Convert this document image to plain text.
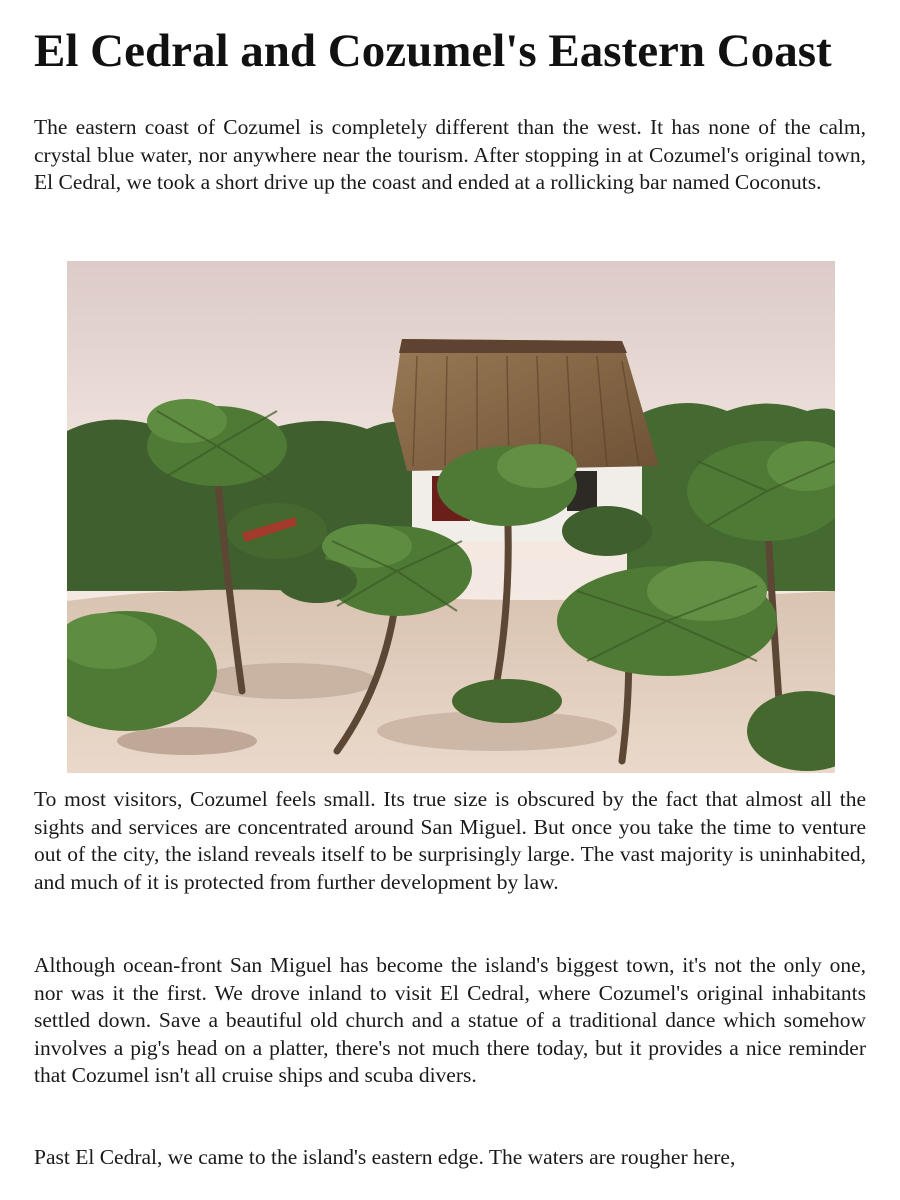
El Cedral and Cozumel's Eastern Coast

The eastern coast of Cozumel is completely different than the west. It has none of the calm, crystal blue water, nor anywhere near the tourism. After stopping in at Cozumel's original town, El Cedral, we took a short drive up the coast and ended at a rollicking bar named Coconuts.

To most visitors, Cozumel feels small. Its true size is obscured by the fact that almost all the sights and services are concentrated around San Miguel. But once you take the time to venture out of the city, the island reveals itself to be surprisingly large. The vast majority is uninhabited, and much of it is protected from further development by law.

Although ocean-front San Miguel has become the island's biggest town, it's not the only one, nor was it the first. We drove inland to visit El Cedral, where Cozumel's original inhabitants settled down. Save a beautiful old church and a statue of a traditional dance which somehow involves a pig's head on a platter, there's not much there today, but it provides a nice reminder that Cozumel isn't all cruise ships and scuba divers.

Past El Cedral, we came to the island's eastern edge. The waters are rougher here,
